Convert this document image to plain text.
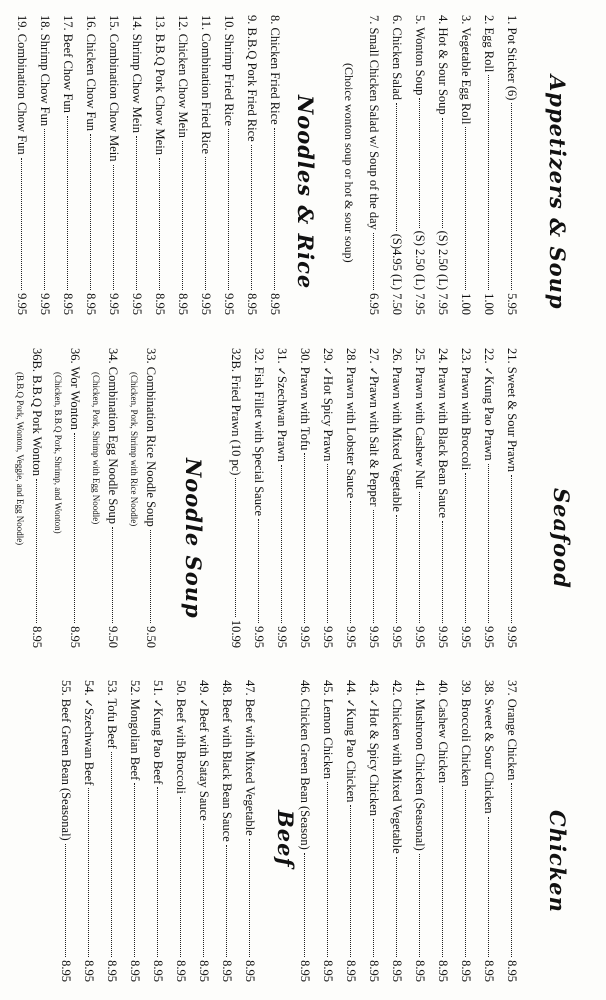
Appetizers & Soup
1. Pot Sticker (6)
5.95
2. Egg Roll
1.00
3. Vegetable Egg Roll
1.00
4. Hot & Sour Soup
(S) 2.50 (L) 7.95
5. Wonton Soup
(S) 2.50 (L) 7.95
6. Chicken Salad
(S)4.95 (L) 7.50
7. Small Chicken Salad w/ Soup of the day
6.95
(Choice wonton soup or hot & sour soup)
Noodles & Rice
8. Chicken Fried Rice
8.95
9. B.B.Q Pork Fried Rice
8.95
10. Shrimp Fried Rice
9.95
11. Combination Fried Rice
9.95
12. Chicken Chow Mein
8.95
13. B.B.Q Pork Chow Mein
8.95
14. Shrimp Chow Mein
9.95
15. Combination Chow Mein
9.95
16. Chicken Chow Fun
8.95
17. Beef Chow Fun
8.95
18. Shrimp Chow Fun
9.95
19. Combination Chow Fun
9.95
Seafood
21. Sweet & Sour Prawn
9.95
22. ✓Kung Pao Prawn
9.95
23. Prawn with Broccoli
9.95
24. Prawn with Black Bean Sauce
9.95
25. Prawn with Cashew Nut
9.95
26. Prawn with Mixed Vegetable
9.95
27. ✓Prawn with Salt & Pepper
9.95
28. Prawn with Lobster Sauce
9.95
29. ✓Hot Spicy Prawn
9.95
30. Prawn with Tofu
9.95
31. ✓Szechwan Prawn
9.95
32. Fish Fillet with Special Sauce
9.95
32B. Fried Prawn (10 pc)
10.99
Noodle Soup
33. Combination Rice Noodle Soup
9.50
(Chicken, Pork, Shrimp with Rice Noodle)
34. Combination Egg Noodle Soup
9.50
(Chicken, Pork, Shrimp with Egg Noodle)
36. Wor Wonton
8.95
(Chicken, B.B.Q Pork, Shrimp, and Wonton)
36B. B.B.Q Pork Wonton
8.95
(B.B.Q Pork, Wonton, Veggie, and Egg Noodle)
Chicken
37. Orange Chicken
8.95
38. Sweet & Sour Chicken
8.95
39. Broccoli Chicken
8.95
40. Cashew Chicken
8.95
41. Mushroon Chicken (Seasonal)
8.95
42. Chicken with Mixed Vegetable
8.95
43. ✓Hot & Spicy Chicken
8.95
44. ✓Kung Pao Chicken
8.95
45. Lemon Chicken
8.95
46. Chicken Green Bean (Season)
8.95
Beef
47. Beef with Mixed Vegetable
8.95
48. Beef with Black Bean Sauce
8.95
49. ✓Beef with Satay Sauce
8.95
50. Beef with Broccoli
8.95
51. ✓Kung Pao Beef
8.95
52. Mongolian Beef
8.95
53. Tofu Beef
8.95
54. ✓Szechwan Beef
8.95
55. Beef Green Bean (Seasonal)
8.95
